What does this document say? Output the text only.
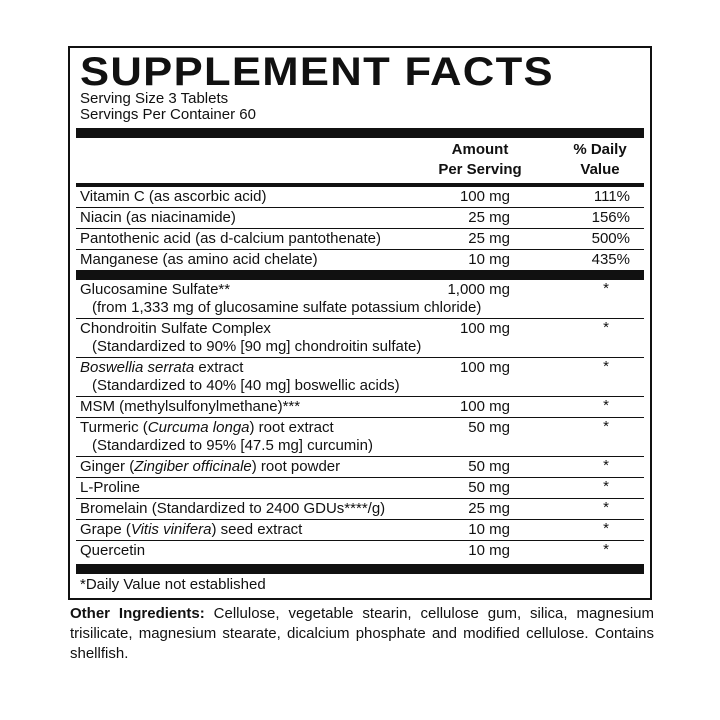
SUPPLEMENT FACTS
Serving Size 3 Tablets
Servings Per Container 60
Amount
Per Serving
% Daily
Value
Vitamin C (as ascorbic acid)	100 mg	111%
Niacin (as niacinamide)	25 mg	156%
Pantothenic acid (as d-calcium pantothenate)	25 mg	500%
Manganese (as amino acid chelate)	10 mg	435%
Glucosamine Sulfate**
(from 1,333 mg of glucosamine sulfate potassium chloride)
1,000 mg	*
Chondroitin Sulfate Complex
(Standardized to 90% [90 mg] chondroitin sulfate)
100 mg	*
Boswellia serrata extract
(Standardized to 40% [40 mg] boswellic acids)
100 mg	*
MSM (methylsulfonylmethane)***	100 mg	*
Turmeric (Curcuma longa) root extract
(Standardized to 95% [47.5 mg] curcumin)
50 mg	*
Ginger (Zingiber officinale) root powder	50 mg	*
L-Proline	50 mg	*
Bromelain (Standardized to 2400 GDUs****/g)	25 mg	*
Grape (Vitis vinifera) seed extract	10 mg	*
Quercetin	10 mg	*
*Daily Value not established
Other Ingredients: Cellulose, vegetable stearin, cellulose gum, silica, magnesium trisilicate, magnesium stearate, dicalcium phosphate and modified cellulose. Contains shellfish.
